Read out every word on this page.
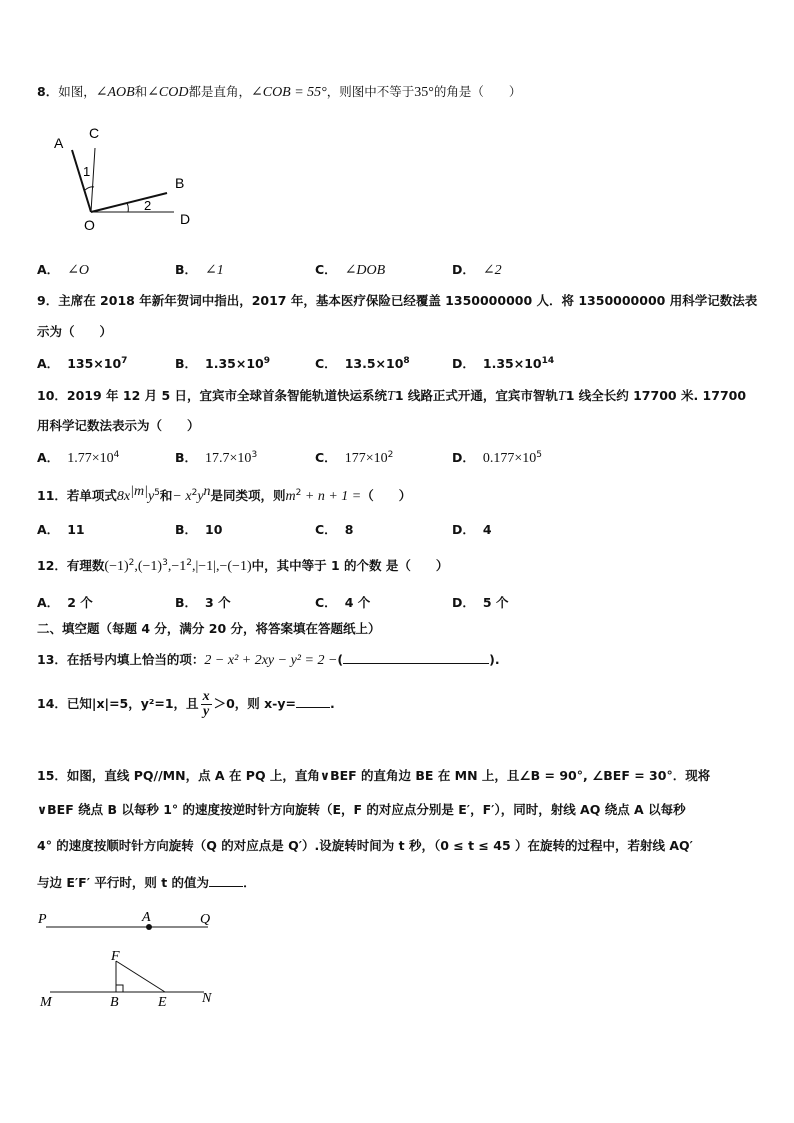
8．如图，∠AOB和∠COD都是直角，∠COB = 55°，则图中不等于35°的角是（　　）
A
C
1
B
2
O	D
A． ∠O	B． ∠1	C． ∠DOB	D． ∠2
9．主席在 2018 年新年贺词中指出，2017 年，基本医疗保险已经覆盖 1350000000 人．将 1350000000 用科学记数法表
示为（　　）
A． $135\times 10^7$	B． $1.35\times 10^9$	C． $13.5\times 10^8$	D． $1.35\times 10^{14}$
10．2019 年 12 月 5 日，宜宾市全球首条智能轨道快运系统T1 线路正式开通，宜宾市智轨T1 线全长约 17700 米. 17700
用科学记数法表示为（　　）
A． $1.77\times 10^4$	B． $17.7\times 10^3$	C． $177\times 10^2$	D． $0.177\times 10^5$
11．若单项式$8x^{|m|}y^5$和− $x^2y^n$是同类项，则$m^2 + n + 1$ =（　　）
A． 11	B． 10	C． 8	D． 4
12．有理数$(-1)^2,(-1)^3,-1^2,|-1|,-(-1)$中，其中等于 1 的个数 是（　　）
A． 2 个	B． 3 个	C． 4 个	D． 5 个
二、填空题（每题 4 分，满分 20 分，将答案填在答题纸上）
13．在括号内填上恰当的项：2 − x² + 2xy − y² = 2 −(	).
14．已知|x|=5，y²=1，且 $\frac{x}{y} >0$，则 x-y=	.
15．如图，直线 PQ//MN，点 A 在 PQ 上，直角∨BEF 的直角边 BE 在 MN 上，且∠B = 90°, ∠BEF = 30°．现将
∨BEF 绕点 B 以每秒 1° 的速度按逆时针方向旋转（E，F 的对应点分别是 E′，F′），同时，射线 AQ 绕点 A 以每秒
4° 的速度按顺时针方向旋转（Q 的对应点是 Q′）.设旋转时间为 t 秒，（0 ≤ t ≤ 45 ）在旋转的过程中，若射线 AQ′
与边 E′F′ 平行时，则 t 的值为	．
P	A	Q
F
M	B	E	N
